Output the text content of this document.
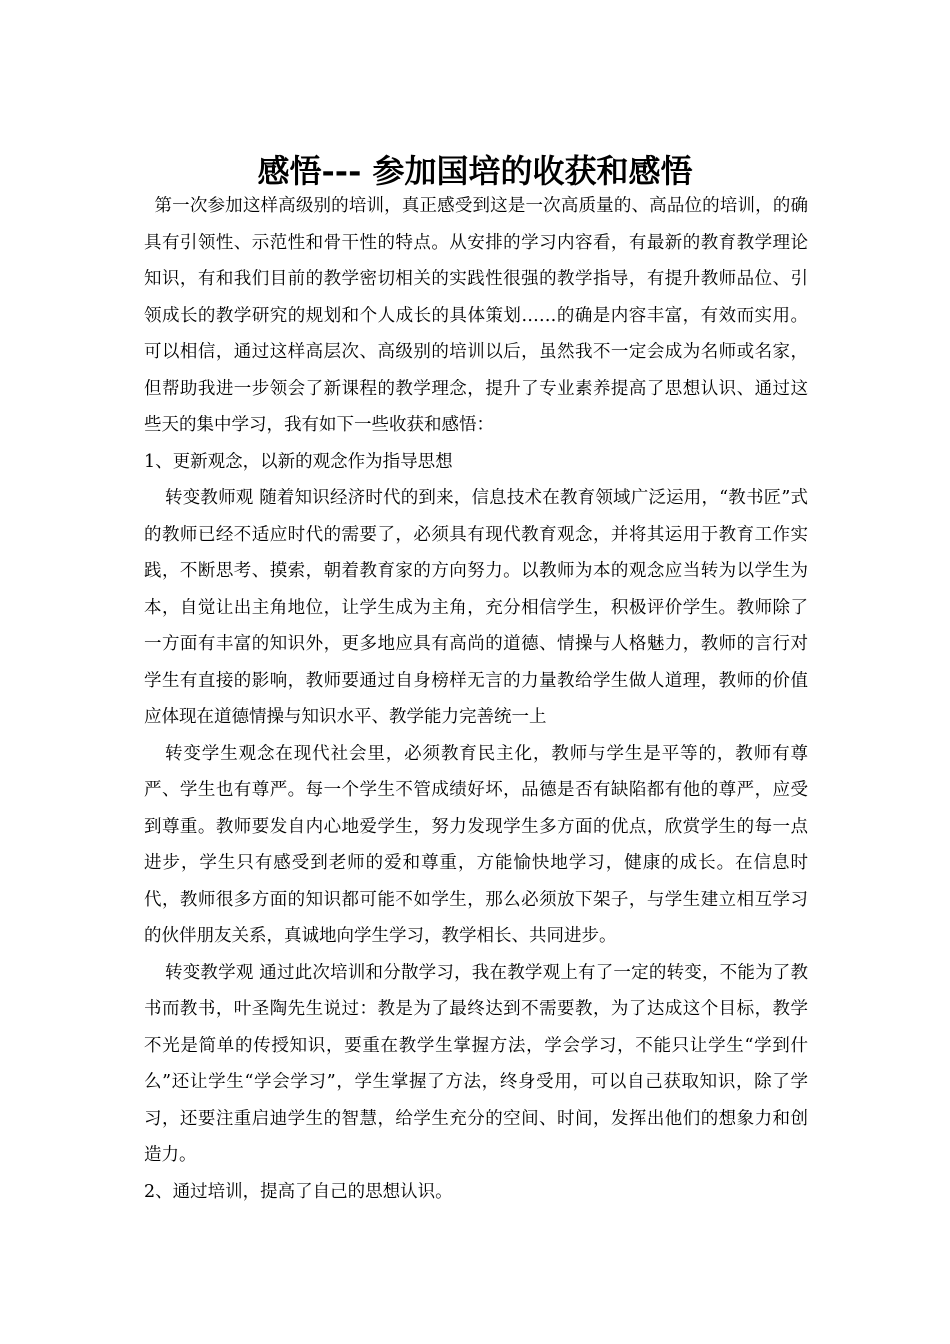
感悟--- 参加国培的收获和感悟

第一次参加这样高级别的培训，真正感受到这是一次高质量的、高品位的培训，的确具有引领性、示范性和骨干性的特点。从安排的学习内容看，有最新的教育教学理论知识，有和我们目前的教学密切相关的实践性很强的教学指导，有提升教师品位、引领成长的教学研究的规划和个人成长的具体策划……的确是内容丰富，有效而实用。可以相信，通过这样高层次、高级别的培训以后，虽然我不一定会成为名师或名家，但帮助我进一步领会了新课程的教学理念，提升了专业素养提高了思想认识、通过这些天的集中学习，我有如下一些收获和感悟：

1、更新观念，以新的观念作为指导思想

转变教师观 随着知识经济时代的到来，信息技术在教育领域广泛运用，“教书匠”式的教师已经不适应时代的需要了，必须具有现代教育观念，并将其运用于教育工作实践，不断思考、摸索，朝着教育家的方向努力。以教师为本的观念应当转为以学生为本，自觉让出主角地位，让学生成为主角，充分相信学生，积极评价学生。教师除了一方面有丰富的知识外，更多地应具有高尚的道德、情操与人格魅力，教师的言行对学生有直接的影响，教师要通过自身榜样无言的力量教给学生做人道理，教师的价值应体现在道德情操与知识水平、教学能力完善统一上

转变学生观念在现代社会里，必须教育民主化，教师与学生是平等的，教师有尊严、学生也有尊严。每一个学生不管成绩好坏，品德是否有缺陷都有他的尊严，应受到尊重。教师要发自内心地爱学生，努力发现学生多方面的优点，欣赏学生的每一点进步，学生只有感受到老师的爱和尊重，方能愉快地学习，健康的成长。在信息时代，教师很多方面的知识都可能不如学生，那么必须放下架子，与学生建立相互学习的伙伴朋友关系，真诚地向学生学习，教学相长、共同进步。

转变教学观 通过此次培训和分散学习，我在教学观上有了一定的转变，不能为了教书而教书，叶圣陶先生说过：教是为了最终达到不需要教，为了达成这个目标，教学不光是简单的传授知识，要重在教学生掌握方法，学会学习，不能只让学生“学到什么”还让学生“学会学习”，学生掌握了方法，终身受用，可以自己获取知识，除了学习，还要注重启迪学生的智慧，给学生充分的空间、时间，发挥出他们的想象力和创造力。

2、通过培训，提高了自己的思想认识。
